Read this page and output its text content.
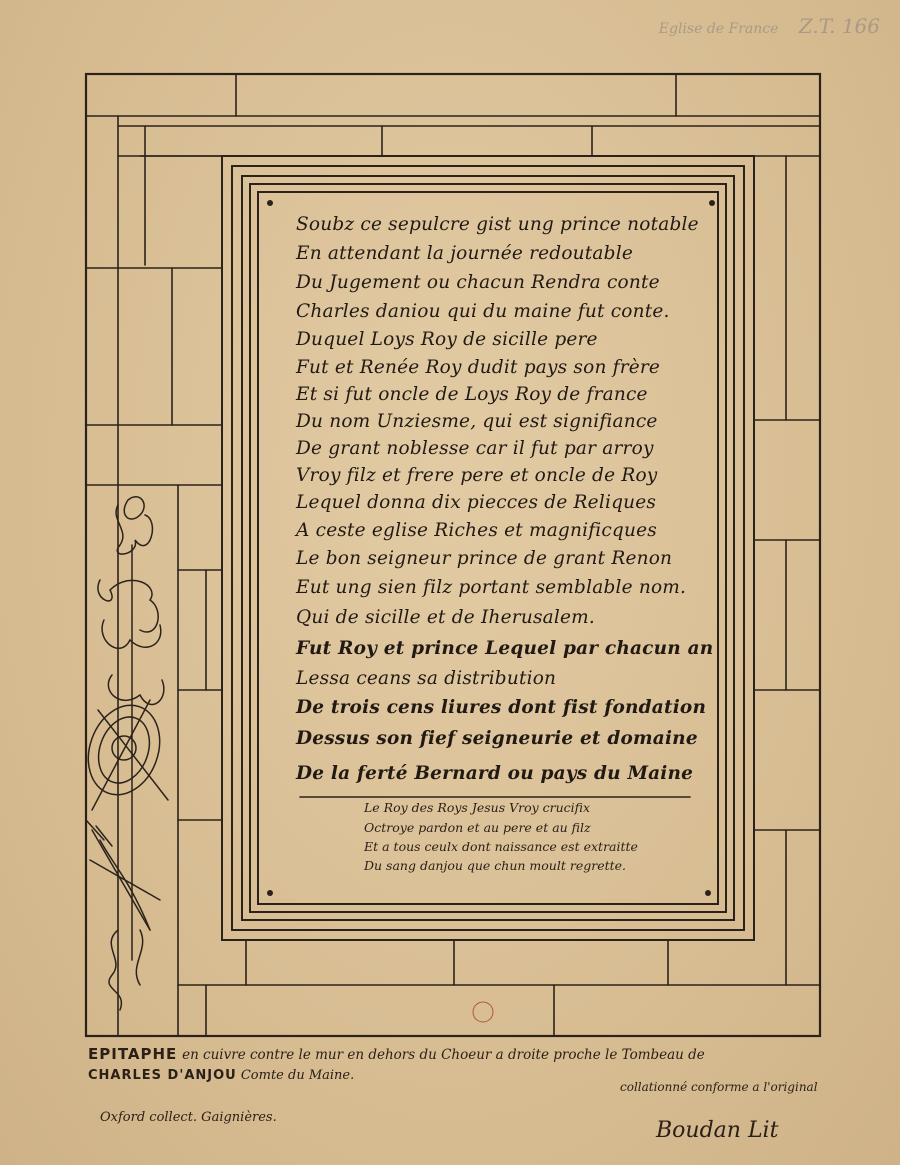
Eglise de France Z.T. 166
Soubz ce sepulcre gist ung prince notable
En attendant la journée redoutable
Du Jugement ou chacun Rendra conte
Charles daniou qui du maine fut conte.
Duquel Loys Roy de sicille pere
Fut et Renée Roy dudit pays son frère
Et si fut oncle de Loys Roy de france
Du nom Unziesme, qui est signifiance
De grant noblesse car il fut par arroy
Vroy filz et frere pere et oncle de Roy
Lequel donna dix piecces de Reliques
A ceste eglise Riches et magnificques
Le bon seigneur prince de grant Renon
Eut ung sien filz portant semblable nom.
Qui de sicille et de Iherusalem.
Fut Roy et prince Lequel par chacun an
Lessa ceans sa distribution
De trois cens liures dont fist fondation
Dessus son fief seigneurie et domaine
De la ferté Bernard ou pays du Maine
Le Roy des Roys Jesus Vroy crucifix
Octroye pardon et au pere et au filz
Et a tous ceulx dont naissance est extraitte
Du sang danjou que chun moult regrette.
EPITAPHE en cuivre contre le mur en dehors du Choeur a droite proche le Tombeau de
CHARLES D'ANJOU Comte du Maine.
collationné conforme a l'original
Oxford collect. Gaignières.
Boudan Lit
